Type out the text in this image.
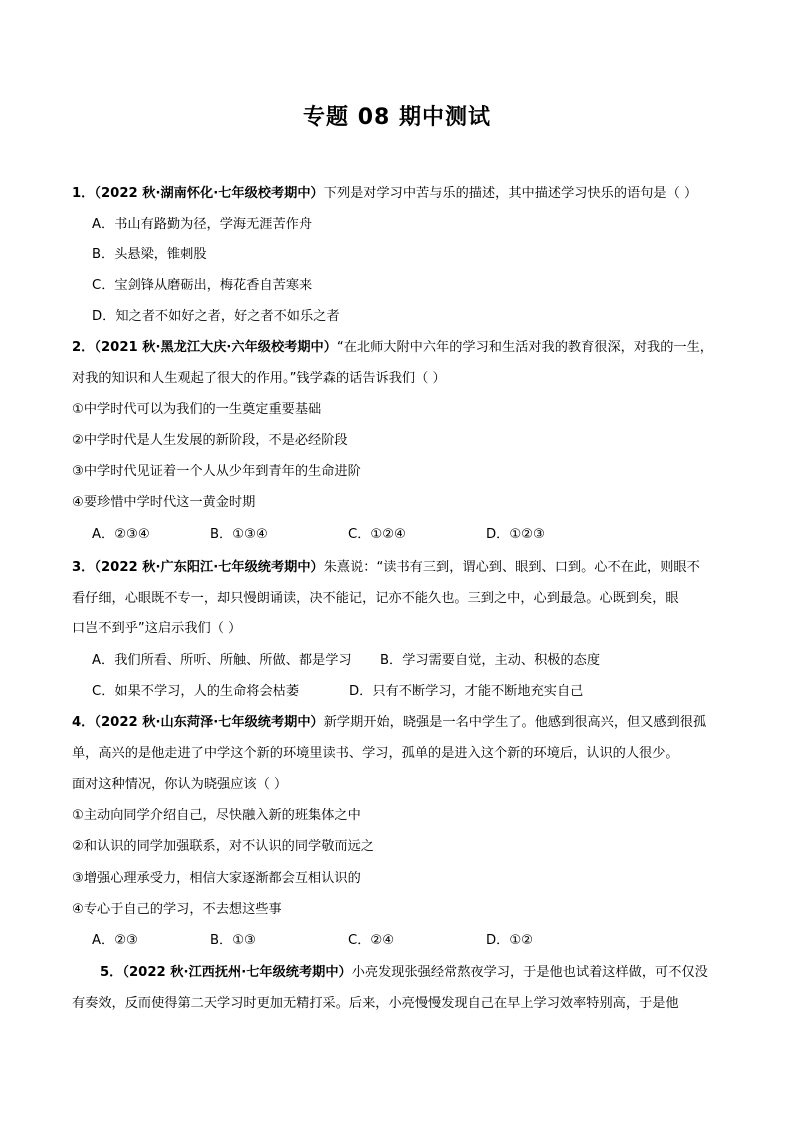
专题 08 期中测试
1．（2022 秋·湖南怀化·七年级校考期中）下列是对学习中苦与乐的描述，其中描述学习快乐的语句是（ ）
A．书山有路勤为径，学海无涯苦作舟
B．头悬梁，锥刺股
C．宝剑锋从磨砺出，梅花香自苦寒来
D．知之者不如好之者，好之者不如乐之者
2．（2021 秋·黑龙江大庆·六年级校考期中）“在北师大附中六年的学习和生活对我的教育很深，对我的一生，
对我的知识和人生观起了很大的作用。”钱学森的话告诉我们（ ）
①中学时代可以为我们的一生奠定重要基础
②中学时代是人生发展的新阶段，不是必经阶段
③中学时代见证着一个人从少年到青年的生命进阶
④要珍惜中学时代这一黄金时期
A．②③④	B．①③④	C．①②④	D．①②③
3．（2022 秋·广东阳江·七年级统考期中）朱熹说：“读书有三到，谓心到、眼到、口到。心不在此，则眼不
看仔细，心眼既不专一，却只慢朗诵读，决不能记，记亦不能久也。三到之中，心到最急。心既到矣，眼
口岂不到乎”这启示我们（ ）
A．我们所看、所听、所触、所做、都是学习 B．学习需要自觉，主动、积极的态度
C．如果不学习，人的生命将会枯萎	D．只有不断学习，才能不断地充实自己
4．（2022 秋·山东菏泽·七年级统考期中）新学期开始，晓强是一名中学生了。他感到很高兴，但又感到很孤
单，高兴的是他走进了中学这个新的环境里读书、学习，孤单的是进入这个新的环境后，认识的人很少。
面对这种情况，你认为晓强应该（ ）
①主动向同学介绍自己，尽快融入新的班集体之中
②和认识的同学加强联系，对不认识的同学敬而远之
③增强心理承受力，相信大家逐渐都会互相认识的
④专心于自己的学习，不去想这些事
A．②③	B．①③	C．②④	D．①②
5．（2022 秋·江西抚州·七年级统考期中）小亮发现张强经常熬夜学习，于是他也试着这样做，可不仅没
有奏效，反而使得第二天学习时更加无精打采。后来，小亮慢慢发现自己在早上学习效率特别高，于是他
